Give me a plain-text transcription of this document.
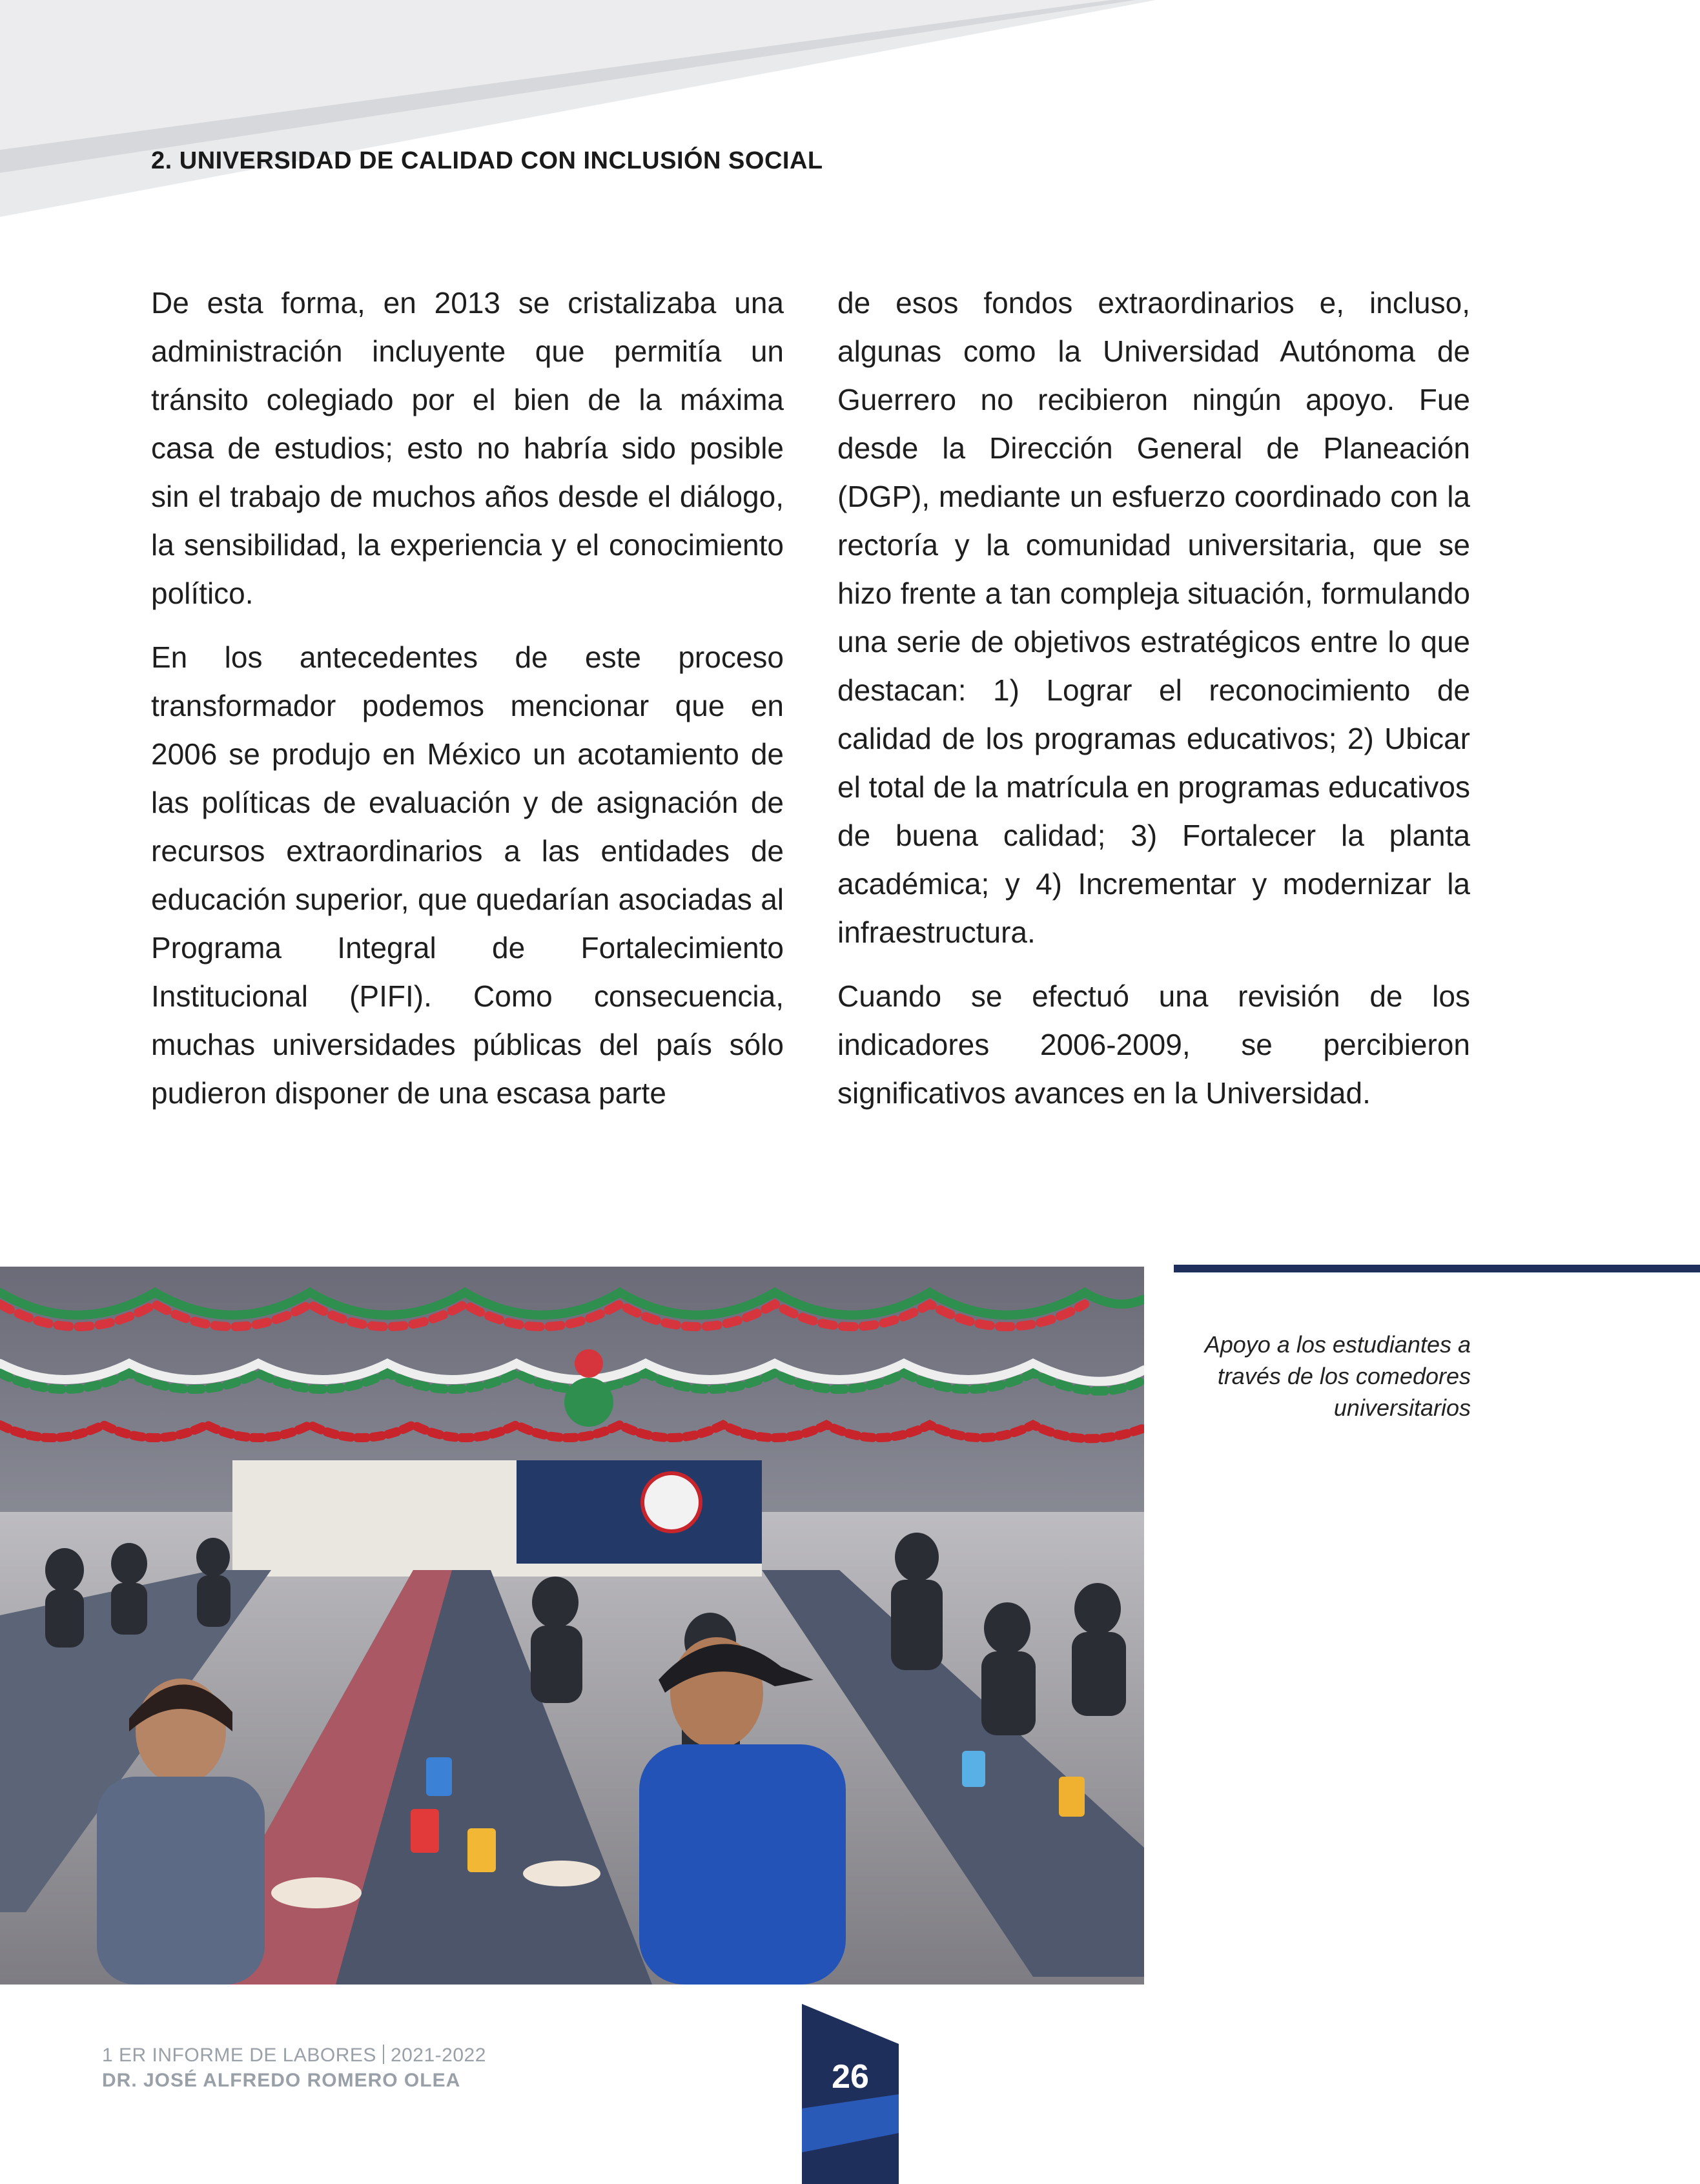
2. UNIVERSIDAD DE CALIDAD CON INCLUSIÓN SOCIAL

De esta forma, en 2013 se cristalizaba una administración incluyente que permitía un tránsito colegiado por el bien de la máxima casa de estudios; esto no habría sido posible sin el trabajo de muchos años desde el diálogo, la sensibilidad, la experiencia y el conocimiento político.

En los antecedentes de este proceso transformador podemos mencionar que en 2006 se produjo en México un acotamiento de las políticas de evaluación y de asignación de recursos extraordinarios a las entidades de educación superior, que quedarían asociadas al Programa Integral de Fortalecimiento Institucional (PIFI). Como consecuencia, muchas universidades públicas del país sólo pudieron disponer de una escasa parte

de esos fondos extraordinarios e, incluso, algunas como la Universidad Autónoma de Guerrero no recibieron ningún apoyo. Fue desde la Dirección General de Planeación (DGP), mediante un esfuerzo coordinado con la rectoría y la comunidad universitaria, que se hizo frente a tan compleja situación, formulando una serie de objetivos estratégicos entre lo que destacan: 1) Lograr el reconocimiento de calidad de los programas educativos; 2) Ubicar el total de la matrícula en programas educativos de buena calidad; 3) Fortalecer la planta académica; y 4) Incrementar y modernizar la infraestructura.

Cuando se efectuó una revisión de los indicadores 2006-2009, se percibieron significativos avances en la Universidad.

Apoyo a los estudiantes a través de los comedores universitarios
1 ER INFORME DE LABORES 2021-2022
DR. JOSÉ ALFREDO ROMERO OLEA	26
